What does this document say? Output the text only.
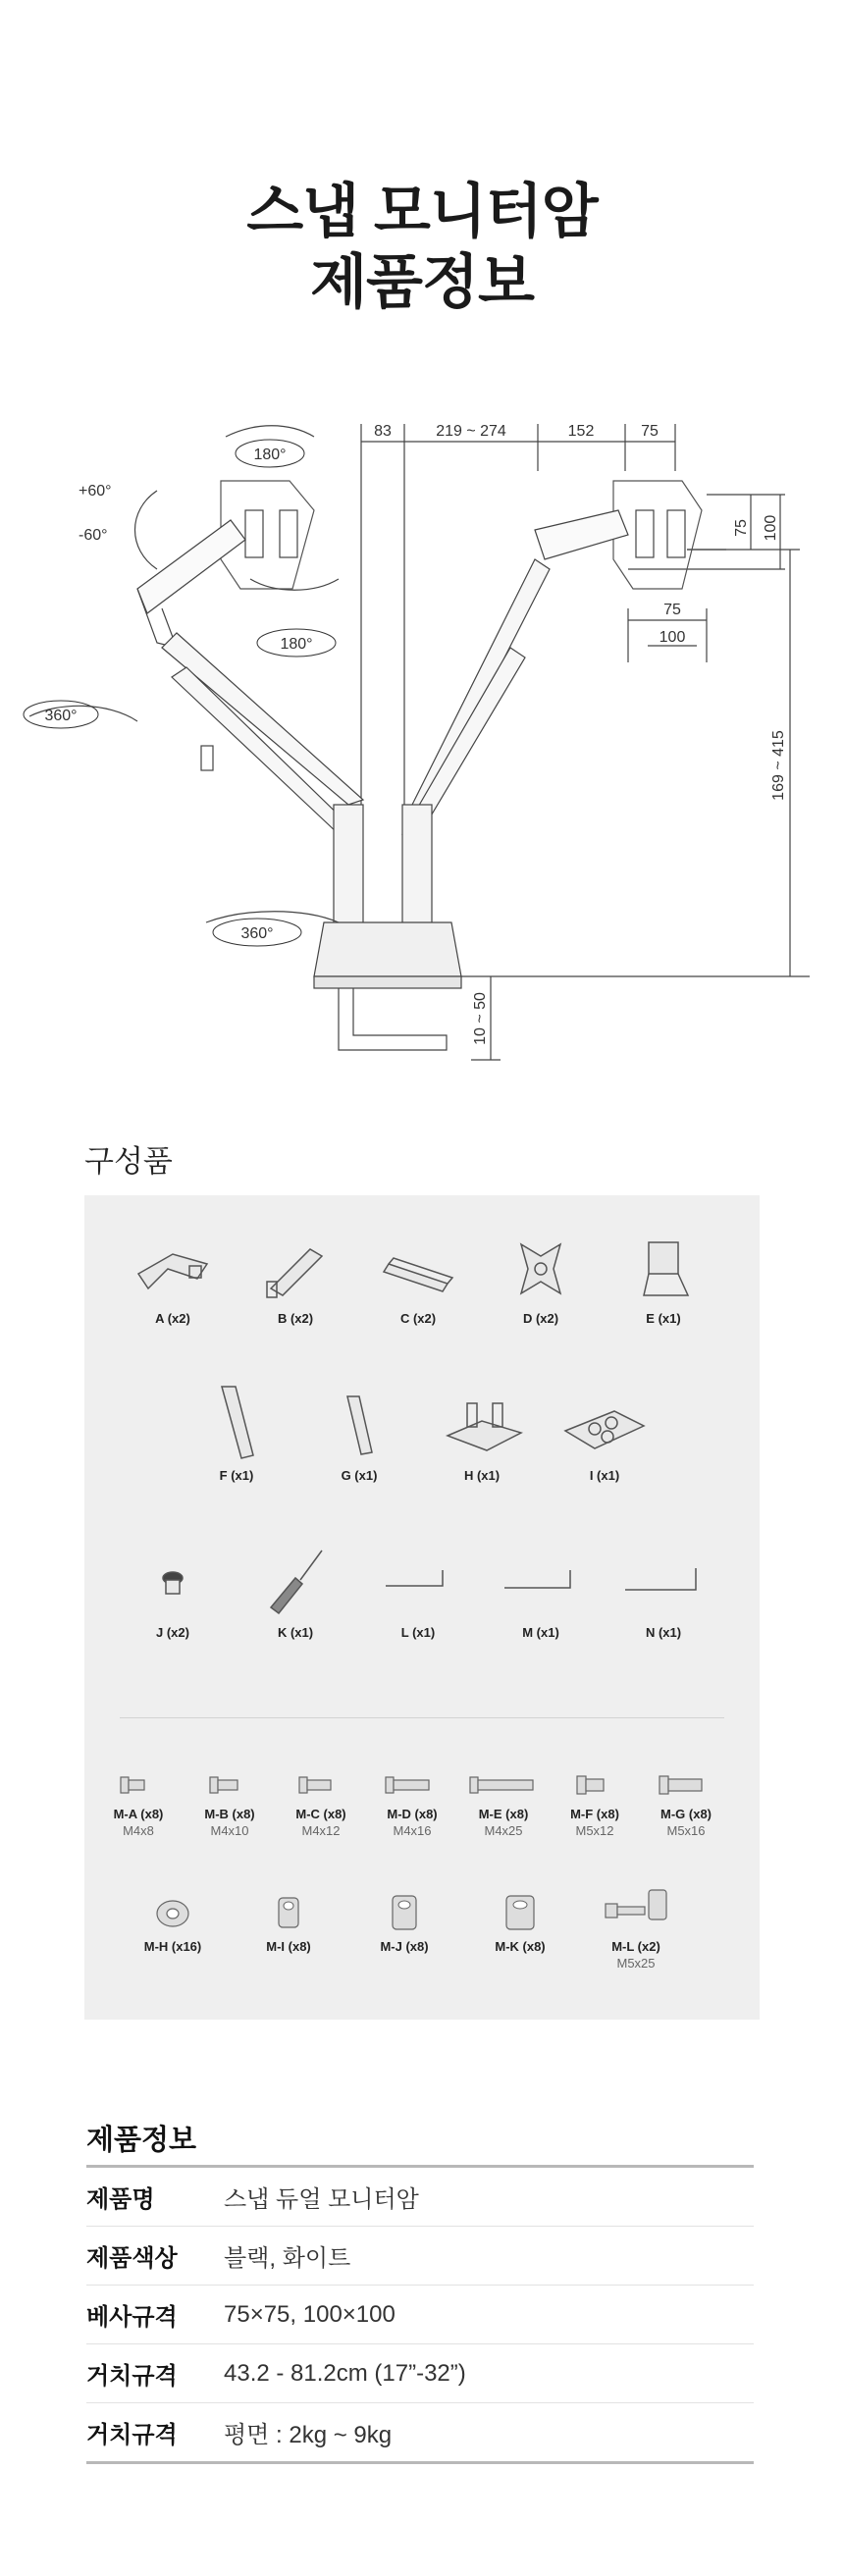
스냅 모니터암
제품정보
180°
+60°
-60°
180°
360°
360°
83	219 ~ 274	152	75
75 100
75
100
169 ~ 415
10 ~ 50
구성품
A (x2)	B (x2)	C (x2)	D (x2)	E (x1)
F (x1)	G (x1)	H (x1)	I (x1)
J (x2)	K (x1)	L (x1)	M (x1)	N (x1)
M-A (x8)
M4x8
M-B (x8)
M4x10
M-C (x8)
M4x12
M-D (x8)
M4x16
M-E (x8)
M4x25
M-F (x8)
M5x12
M-G (x8)
M5x16
M-H (x16)	M-I (x8)	M-J (x8)	M-K (x8)	M-L (x2)
M5x25
제품정보
제품명	스냅 듀얼 모니터암
제품색상	블랙, 화이트
베사규격	75×75, 100×100
거치규격	43.2 - 81.2cm (17”-32”)
거치규격	평면 : 2kg ~ 9kg
